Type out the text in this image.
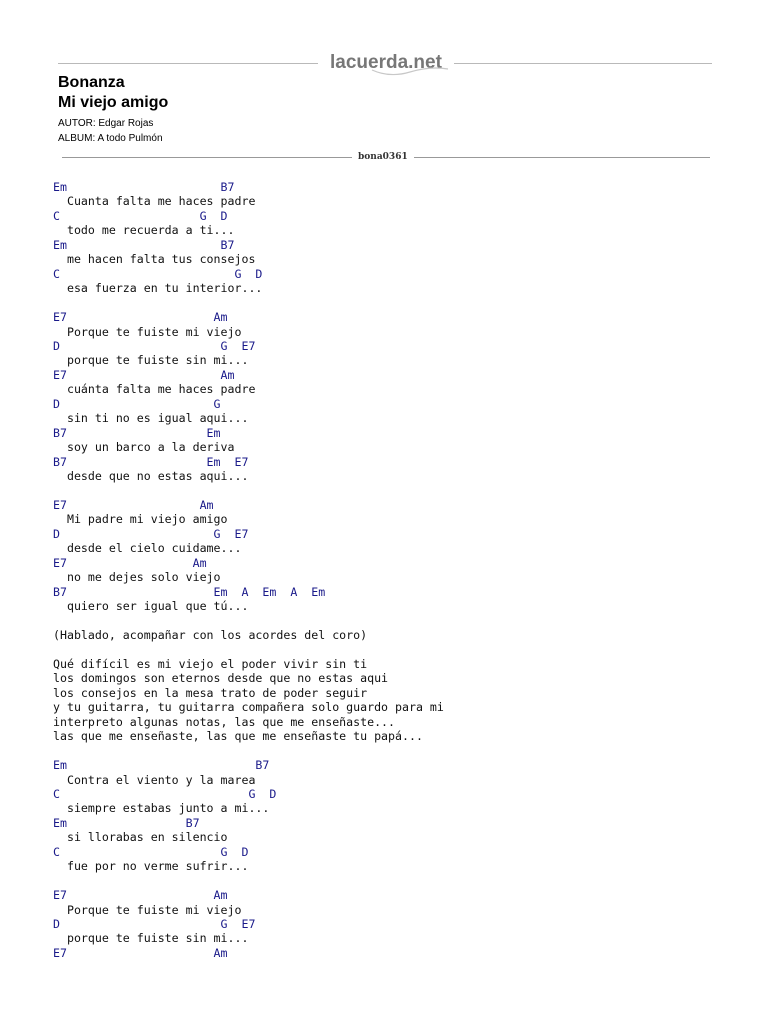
lacuerda.net
Bonanza
Mi viejo amigo
AUTOR: Edgar Rojas
ALBUM: A todo Pulmón
bona0361
Em                      B7
Cuanta falta me haces padre
C                    G  D
todo me recuerda a ti...
Em                      B7
me hacen falta tus consejos
C                         G  D
esa fuerza en tu interior...
E7                     Am
Porque te fuiste mi viejo
D                       G  E7
porque te fuiste sin mi...
E7                      Am
cuánta falta me haces padre
D                      G
sin ti no es igual aqui...
B7                    Em
soy un barco a la deriva
B7                    Em  E7
desde que no estas aqui...
E7                   Am
Mi padre mi viejo amigo
D                      G  E7
desde el cielo cuidame...
E7                  Am
no me dejes solo viejo
B7                     Em  A  Em  A  Em
quiero ser igual que tú...
(Hablado, acompañar con los acordes del coro)
Qué difícil es mi viejo el poder vivir sin ti
los domingos son eternos desde que no estas aqui
los consejos en la mesa trato de poder seguir
y tu guitarra, tu guitarra compañera solo guardo para mi
interpreto algunas notas, las que me enseñaste...
las que me enseñaste, las que me enseñaste tu papá...
Em                           B7
Contra el viento y la marea
C                           G  D
siempre estabas junto a mi...
Em                 B7
si llorabas en silencio
C                       G  D
fue por no verme sufrir...
E7                     Am
Porque te fuiste mi viejo
D                       G  E7
porque te fuiste sin mi...
E7                     Am
